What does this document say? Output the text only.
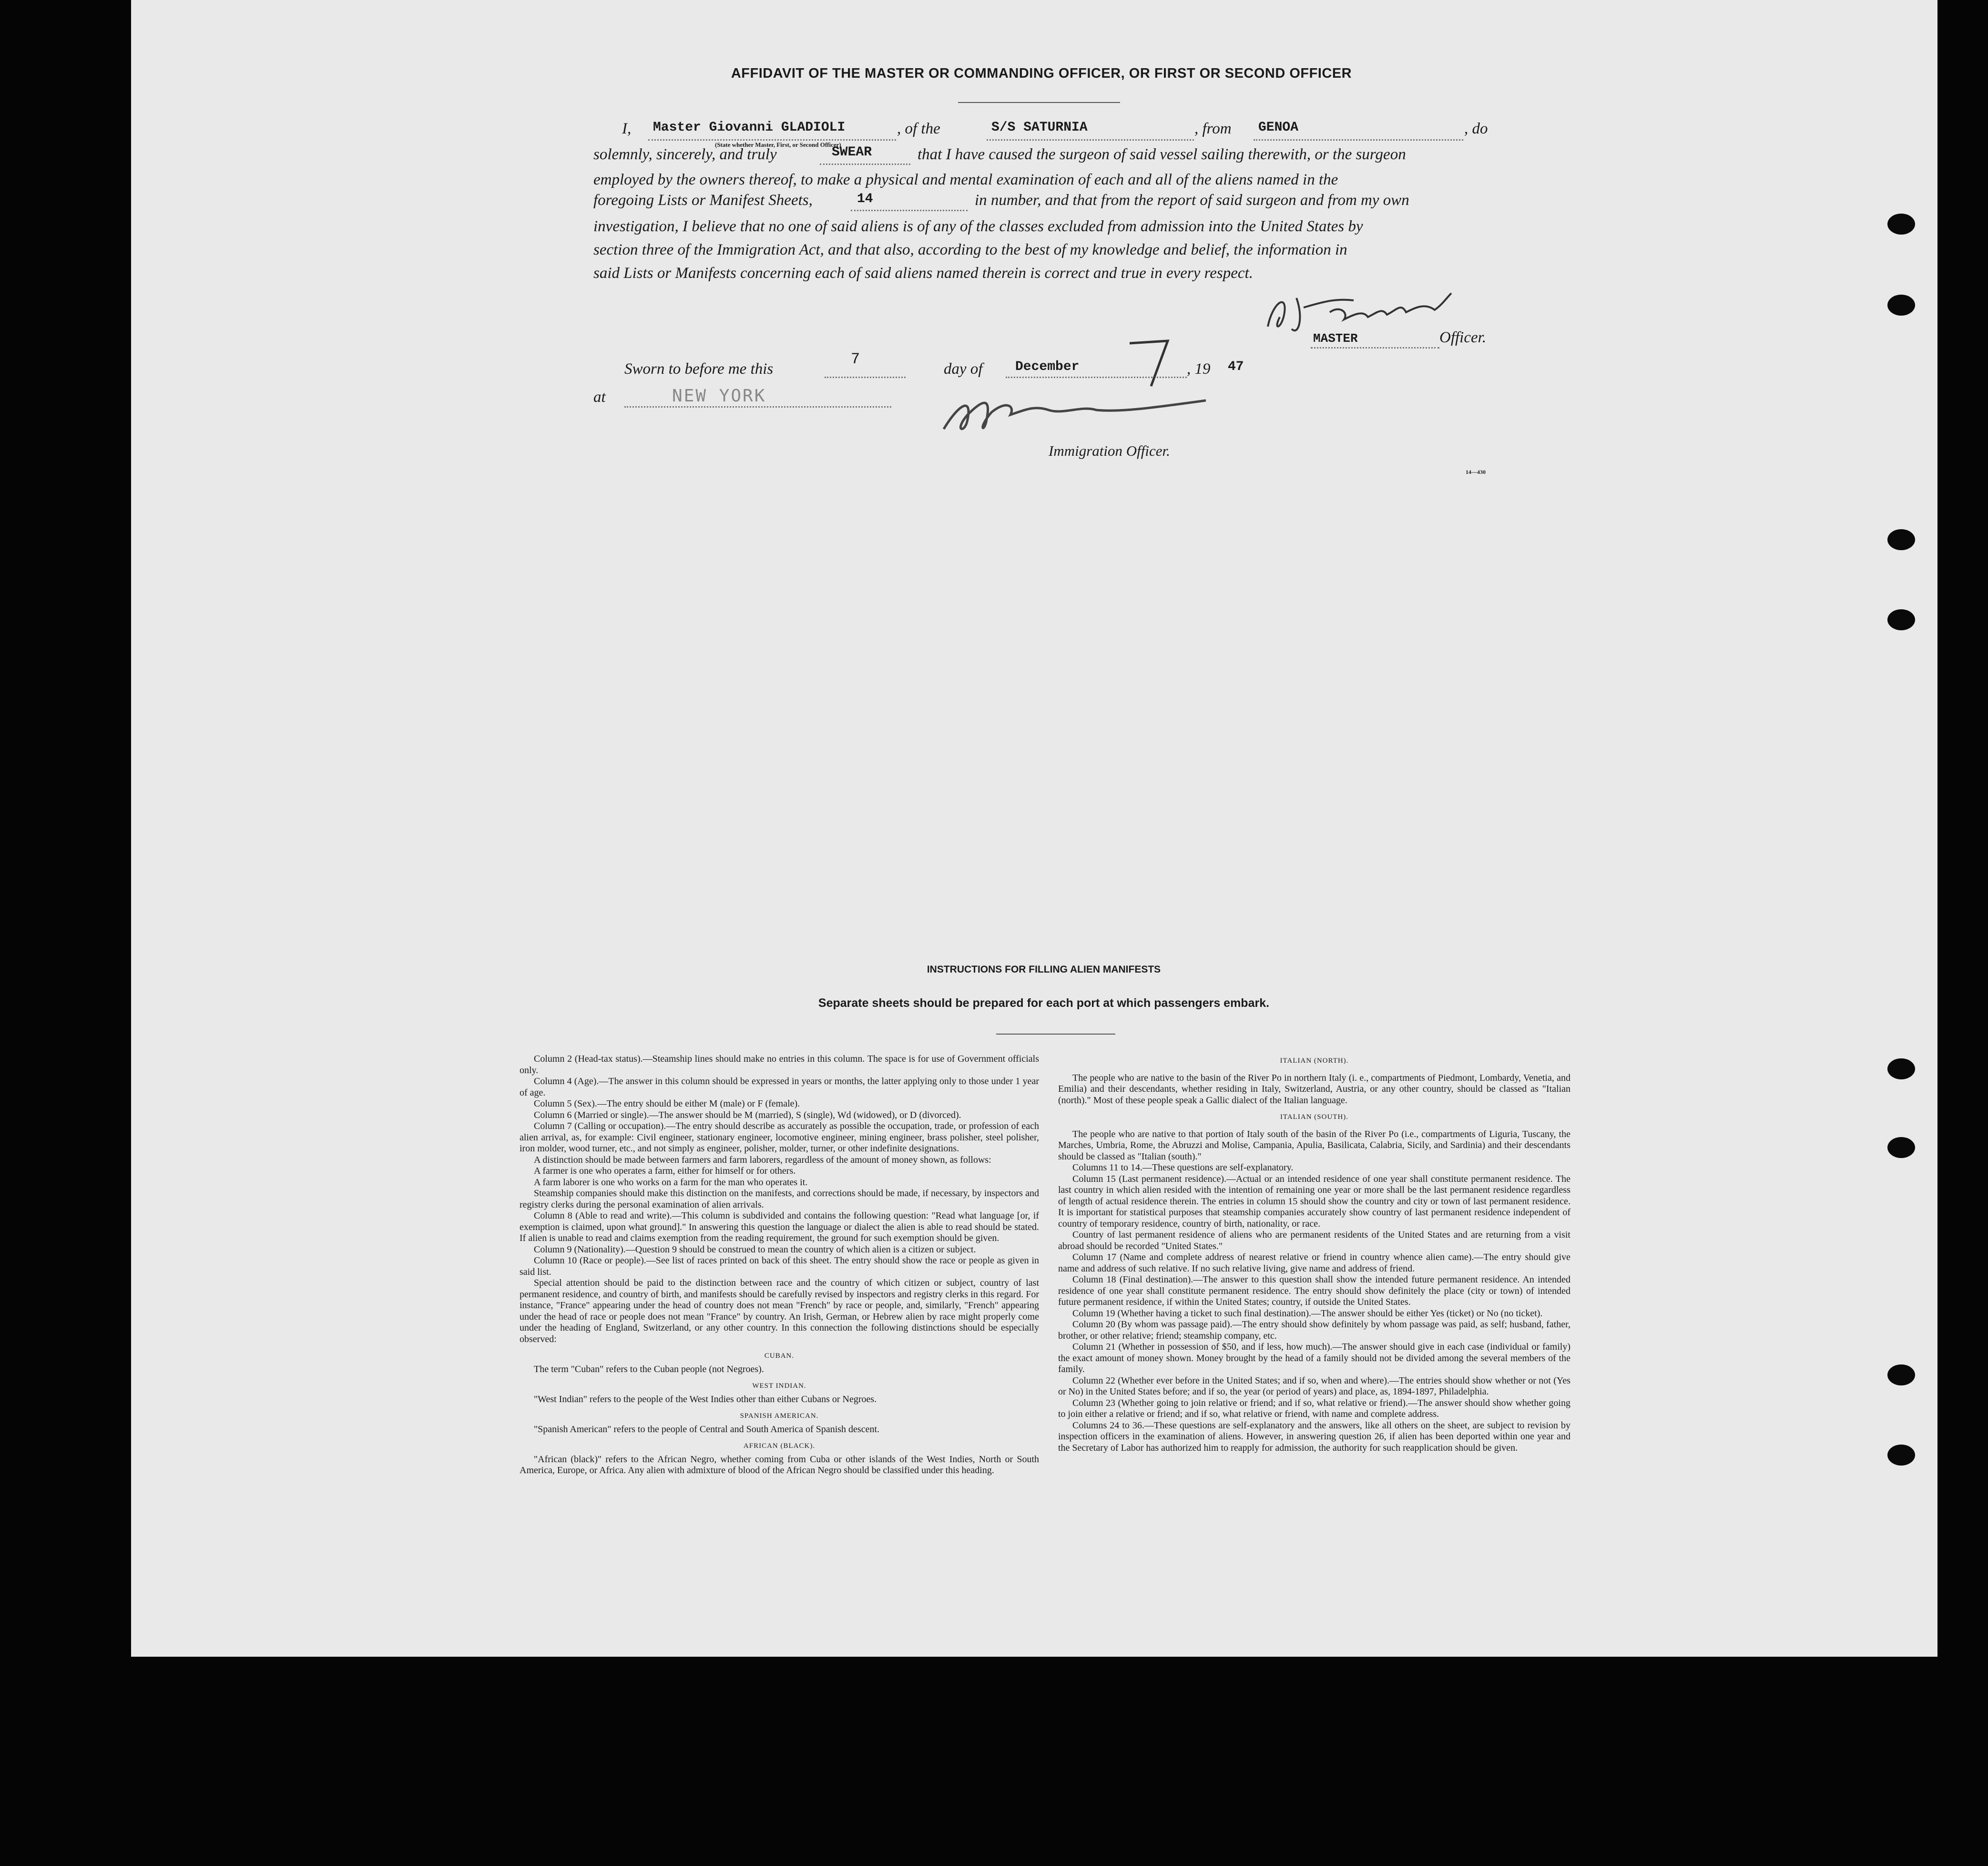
AFFIDAVIT OF THE MASTER OR COMMANDING OFFICER, OR FIRST OR SECOND OFFICER
I, Master Giovanni GLADIOLI
(State whether Master, First, or Second Officer)
, of the	S/S SATURNIA	, from GENOA	, do
solemnly, sincerely, and truly	SWEAR	that I have caused the surgeon of said vessel sailing therewith, or the surgeon
employed by the owners thereof, to make a physical and mental examination of each and all of the aliens named in the
foregoing Lists or Manifest Sheets,	14	in number, and that from the report of said surgeon and from my own
investigation, I believe that no one of said aliens is of any of the classes excluded from admission into the United States by
section three of the Immigration Act, and that also, according to the best of my knowledge and belief, the information in
said Lists or Manifests concerning each of said aliens named therein is correct and true in every respect.
MASTER	Officer.
Sworn to before me this
7
day of December	, 19 47
at	NEW YORK
Immigration Officer.
14—430
INSTRUCTIONS FOR FILLING ALIEN MANIFESTS
Separate sheets should be prepared for each port at which passengers embark.

Column 2 (Head-tax status).—Steamship lines should make no entries in this column. The space is for use of Government officials only.

Column 4 (Age).—The answer in this column should be expressed in years or months, the latter applying only to those under 1 year of age.

Column 5 (Sex).—The entry should be either M (male) or F (female).

Column 6 (Married or single).—The answer should be M (married), S (single), Wd (widowed), or D (divorced).

Column 7 (Calling or occupation).—The entry should describe as accurately as possible the occupation, trade, or profession of each alien arrival, as, for example: Civil engineer, stationary engineer, locomotive engineer, mining engineer, brass polisher, steel polisher, iron molder, wood turner, etc., and not simply as engineer, polisher, molder, turner, or other indefinite designations.

A distinction should be made between farmers and farm laborers, regardless of the amount of money shown, as follows:

A farmer is one who operates a farm, either for himself or for others.

A farm laborer is one who works on a farm for the man who operates it.

Steamship companies should make this distinction on the manifests, and corrections should be made, if necessary, by inspectors and registry clerks during the personal examination of alien arrivals.

Column 8 (Able to read and write).—This column is subdivided and contains the following question: "Read what language [or, if exemption is claimed, upon what ground]." In answering this question the language or dialect the alien is able to read should be stated. If alien is unable to read and claims exemption from the reading requirement, the ground for such exemption should be given.

Column 9 (Nationality).—Question 9 should be construed to mean the country of which alien is a citizen or subject.

Column 10 (Race or people).—See list of races printed on back of this sheet. The entry should show the race or people as given in said list.

Special attention should be paid to the distinction between race and the country of which citizen or subject, country of last permanent residence, and country of birth, and manifests should be carefully revised by inspectors and registry clerks in this regard. For instance, "France" appearing under the head of country does not mean "French" by race or people, and, similarly, "French" appearing under the head of race or people does not mean "France" by country. An Irish, German, or Hebrew alien by race might properly come under the heading of England, Switzerland, or any other country. In this connection the following distinctions should be especially observed:

CUBAN.

The term "Cuban" refers to the Cuban people (not Negroes).

WEST INDIAN.

"West Indian" refers to the people of the West Indies other than either Cubans or Negroes.

SPANISH AMERICAN.

"Spanish American" refers to the people of Central and South America of Spanish descent.

AFRICAN (BLACK).

"African (black)" refers to the African Negro, whether coming from Cuba or other islands of the West Indies, North or South America, Europe, or Africa. Any alien with admixture of blood of the African Negro should be classified under this heading.

ITALIAN (NORTH).

The people who are native to the basin of the River Po in northern Italy (i. e., compartments of Piedmont, Lombardy, Venetia, and Emilia) and their descendants, whether residing in Italy, Switzerland, Austria, or any other country, should be classed as "Italian (north)." Most of these people speak a Gallic dialect of the Italian language.

ITALIAN (SOUTH).

The people who are native to that portion of Italy south of the basin of the River Po (i.e., compartments of Liguria, Tuscany, the Marches, Umbria, Rome, the Abruzzi and Molise, Campania, Apulia, Basilicata, Calabria, Sicily, and Sardinia) and their descendants should be classed as "Italian (south)."

Columns 11 to 14.—These questions are self-explanatory.

Column 15 (Last permanent residence).—Actual or an intended residence of one year shall constitute permanent residence. The last country in which alien resided with the intention of remaining one year or more shall be the last permanent residence regardless of length of actual residence therein. The entries in column 15 should show the country and city or town of last permanent residence. It is important for statistical purposes that steamship companies accurately show country of last permanent residence independent of country of temporary residence, country of birth, nationality, or race.

Country of last permanent residence of aliens who are permanent residents of the United States and are returning from a visit abroad should be recorded "United States."

Column 17 (Name and complete address of nearest relative or friend in country whence alien came).—The entry should give name and address of such relative. If no such relative living, give name and address of friend.

Column 18 (Final destination).—The answer to this question shall show the intended future permanent residence. An intended residence of one year shall constitute permanent residence. The entry should show definitely the place (city or town) of intended future permanent residence, if within the United States; country, if outside the United States.

Column 19 (Whether having a ticket to such final destination).—The answer should be either Yes (ticket) or No (no ticket).

Column 20 (By whom was passage paid).—The entry should show definitely by whom passage was paid, as self; husband, father, brother, or other relative; friend; steamship company, etc.

Column 21 (Whether in possession of $50, and if less, how much).—The answer should give in each case (individual or family) the exact amount of money shown. Money brought by the head of a family should not be divided among the several members of the family.

Column 22 (Whether ever before in the United States; and if so, when and where).—The entries should show whether or not (Yes or No) in the United States before; and if so, the year (or period of years) and place, as, 1894-1897, Philadelphia.

Column 23 (Whether going to join relative or friend; and if so, what relative or friend).—The answer should show whether going to join either a relative or friend; and if so, what relative or friend, with name and complete address.

Columns 24 to 36.—These questions are self-explanatory and the answers, like all others on the sheet, are subject to revision by inspection officers in the examination of aliens. However, in answering question 26, if alien has been deported within one year and the Secretary of Labor has authorized him to reapply for admission, the authority for such reapplication should be given.
